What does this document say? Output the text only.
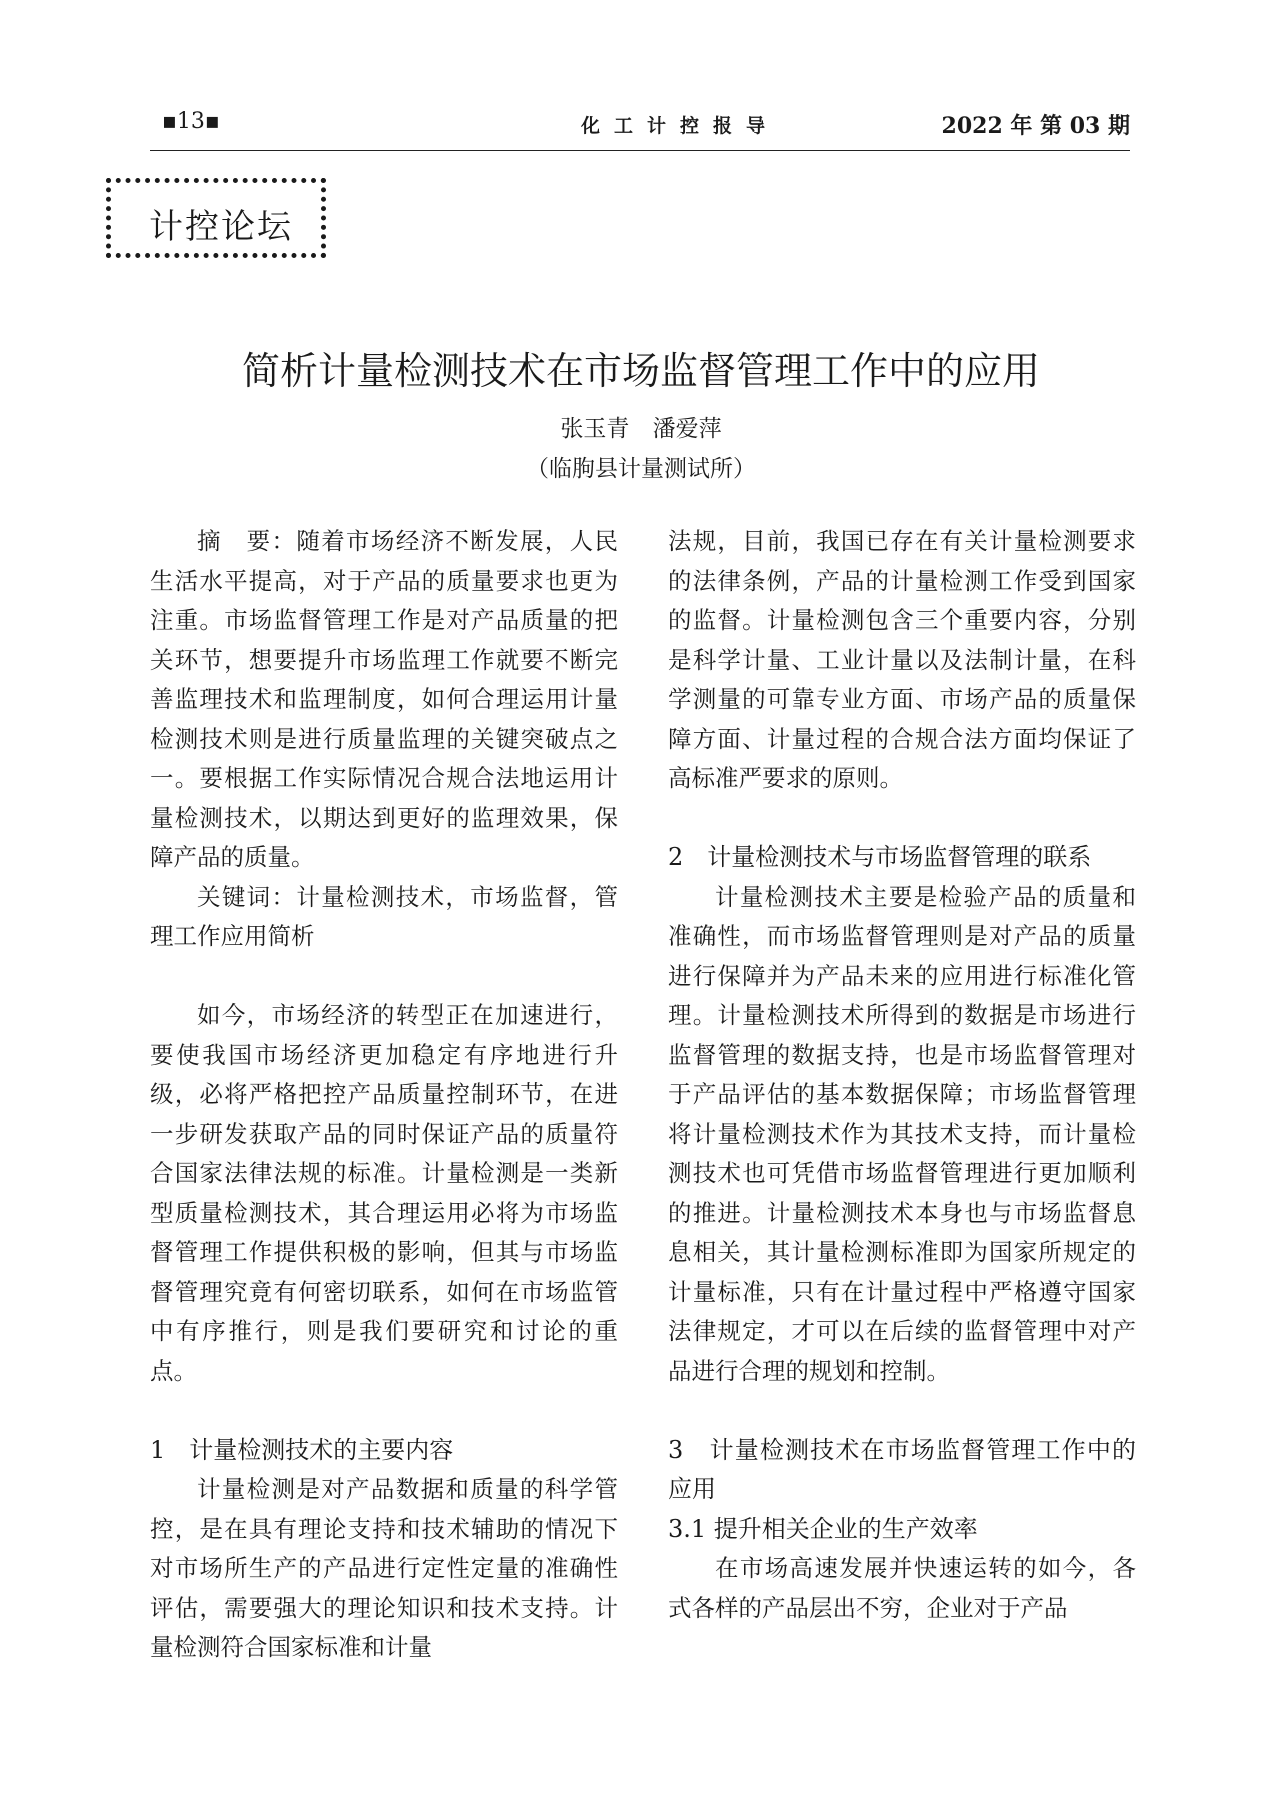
▪13▪	化工计控报导	2022 年 第 03 期
计控论坛
简析计量检测技术在市场监督管理工作中的应用
张玉青 潘爱萍
（临朐县计量测试所）

摘　要：随着市场经济不断发展，人民生活水平提高，对于产品的质量要求也更为注重。市场监督管理工作是对产品质量的把关环节，想要提升市场监理工作就要不断完善监理技术和监理制度，如何合理运用计量检测技术则是进行质量监理的关键突破点之一。要根据工作实际情况合规合法地运用计量检测技术，以期达到更好的监理效果，保障产品的质量。

关键词：计量检测技术，市场监督，管理工作应用简析

如今，市场经济的转型正在加速进行，要使我国市场经济更加稳定有序地进行升级，必将严格把控产品质量控制环节，在进一步研发获取产品的同时保证产品的质量符合国家法律法规的标准。计量检测是一类新型质量检测技术，其合理运用必将为市场监督管理工作提供积极的影响，但其与市场监督管理究竟有何密切联系，如何在市场监管中有序推行，则是我们要研究和讨论的重点。

1　计量检测技术的主要内容

计量检测是对产品数据和质量的科学管控，是在具有理论支持和技术辅助的情况下对市场所生产的产品进行定性定量的准确性评估，需要强大的理论知识和技术支持。计量检测符合国家标准和计量

法规，目前，我国已存在有关计量检测要求的法律条例，产品的计量检测工作受到国家的监督。计量检测包含三个重要内容，分别是科学计量、工业计量以及法制计量，在科学测量的可靠专业方面、市场产品的质量保障方面、计量过程的合规合法方面均保证了高标准严要求的原则。

2　计量检测技术与市场监督管理的联系

计量检测技术主要是检验产品的质量和准确性，而市场监督管理则是对产品的质量进行保障并为产品未来的应用进行标准化管理。计量检测技术所得到的数据是市场进行监督管理的数据支持，也是市场监督管理对于产品评估的基本数据保障；市场监督管理将计量检测技术作为其技术支持，而计量检测技术也可凭借市场监督管理进行更加顺利的推进。计量检测技术本身也与市场监督息息相关，其计量检测标准即为国家所规定的计量标准，只有在计量过程中严格遵守国家法律规定，才可以在后续的监督管理中对产品进行合理的规划和控制。

3　计量检测技术在市场监督管理工作中的应用

3.1 提升相关企业的生产效率

在市场高速发展并快速运转的如今，各式各样的产品层出不穷，企业对于产品
